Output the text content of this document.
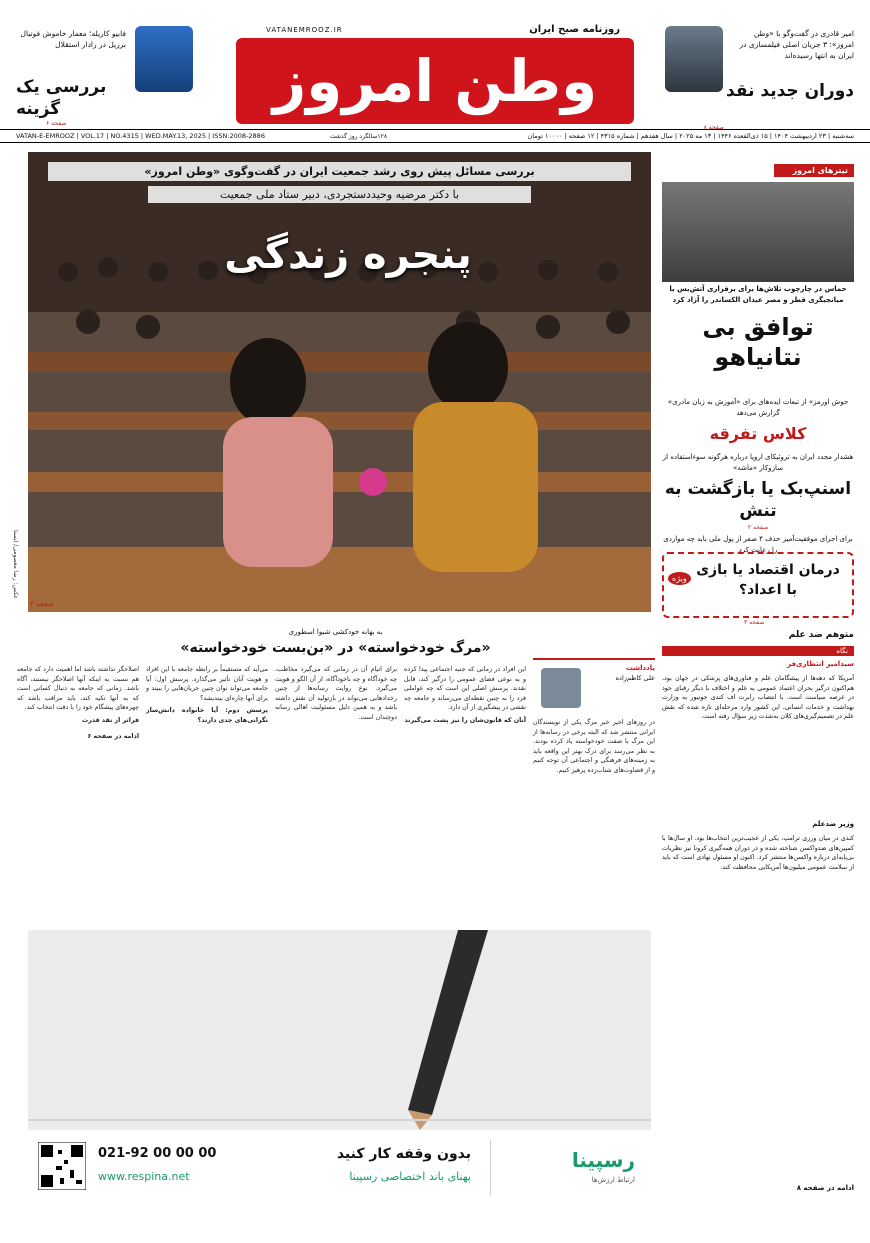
امیر قادری در گفت‌وگو با «وطن امروز»: ۳ جریان اصلی فیلمسازی در ایران به انتها رسیده‌اند
دوران جدید نقد
صفحه ۸
VATANEMROOZ.IR	روزنامه صبح ایران
وطن امروز
فابیو کاریله؛ معمار خاموش فوتبال برزیل در رادار استقلال
بررسی یک گزینه
صفحه ۶
سه‌شنبه | ۲۳ اردیبهشت ۱۴۰۴ | ۱۵ ذی‌القعده ۱۴۴۶ | ۱۳ مه ۲۰۲۵ | سال هفدهم | شماره ۴۳۱۵ | ۱۲ صفحه | ۱۰۰۰۰ تومان
۱۲۸سالگرد روز گذشت
VATAN-E-EMROOZ | VOL.17 | NO.4315 | WED.MAY.13, 2025 | ISSN:2008-2886
بررسی مسائل پیش روی رشد جمعیت ایران در گفت‌وگوی «وطن امروز»
با دکتر مرضیه وحیددستجردی، دبیر ستاد ملی جمعیت
پنجره زندگی
عکس: رضا معصومی/ ایسنا
صفحه ۴
تیترهای امروز
حماس در چارچوب تلاش‌ها برای برقراری آتش‌بس با میانجیگری قطر و مصر عیدان الکساندر را آزاد کرد
توافق بی نتانیاهو
جوش اورمز» از تبعات ایده‌های برای «آموزش به زبان مادری» گزارش می‌دهد
کلاس تفرقه
هشدار مجدد ایران به تروئیکای اروپا درباره هرگونه سوءاستفاده از سازوکار «ماشه»
اسنپ‌بک یا بازگشت به تنش
صفحه ۲
برای اجرای موفقیت‌آمیز حذف ۴ صفر از پول ملی باید چه مواردی را رعایت کرد
ویژه
درمان اقتصاد یا بازی با اعداد؟
صفحه ۳
متوهم ضد علم
نگاه
سیدامیر انتظاری‌فر
آمریکا که دهه‌ها از پیشگامان علم و فناوری‌های پزشکی در جهان بود، هم‌اکنون درگیر بحران اعتماد عمومی به علم و اختلاف با دیگر رقبای خود در عرصه سیاست است. با انتصاب رابرت اف کندی جونیور به وزارت بهداشت و خدمات انسانی، این کشور وارد مرحله‌ای تازه شده که نقش علم در تصمیم‌گیری‌های کلان به‌شدت زیر سؤال رفته است.
وزیر ضدعلم
کندی در میان ورزی ترامپ، یکی از عجیب‌ترین انتخاب‌ها بود. او سال‌ها با کمپین‌های ضدواکسن شناخته شده و در دوران همه‌گیری کرونا نیز نظریات بی‌پایه‌ای درباره واکسن‌ها منتشر کرد. اکنون او مسئول نهادی است که باید از سلامت عمومی میلیون‌ها آمریکایی محافظت کند.
ادامه در صفحه ۸
به بهانه خودکشی شیوا اسطوری
«مرگ خودخواسته» در «بن‌بست خودخواسته»
یادداشت
علی کاظم‌زاده

در روزهای اخیر خبر مرگ یکی از نویسندگان ایرانی منتشر شد که البته برخی در رسانه‌ها از این مرگ با صفت خودخواسته یاد کرده بودند. به نظر می‌رسد برای درک بهتر این واقعه باید به زمینه‌های فرهنگی و اجتماعی آن توجه کنیم و از قضاوت‌های شتاب‌زده پرهیز کنیم.

این افراد در زمانی که جنبه اجتماعی پیدا کرده و به نوعی فضای عمومی را درگیر کند، قابل نقدند. پرسش اصلی این است که چه عواملی فرد را به چنین نقطه‌ای می‌رساند و جامعه چه نقشی در پیشگیری از آن دارد.

آنان که قانون‌شان را نیز پشت می‌گیرند

برای اتیام آن در زمانی که می‌گیرد مخاطب، چه خودآگاه و چه ناخودآگاه، از آن الگو و هویت می‌گیرد. نوع روایت رسانه‌ها از چنین رخدادهایی می‌تواند در بازتولید آن نقش داشته باشد و به همین دلیل مسئولیت اهالی رسانه دوچندان است.

می‌آید که مستقیماً بر رابطه جامعه با این افراد و هویت آنان تأثیر می‌گذارد. پرسش اول: آیا جامعه می‌تواند نوان چنین جریان‌هایی را ببیند و برای آنها چاره‌ای بیندیشد؟

پرسش دوم: آیا خانواده دانش‌ساز نگرانی‌های جدی دارند؟

اصلاحگر نداشته باشد اما اهمیت دارد که جامعه هم نسبت به اینکه آنها اصلاحگر نیستند، آگاه باشد. زمانی که جامعه به دنبال کسانی است که به آنها تکیه کند، باید مراقب باشد که چهره‌های پیشگام خود را با دقت انتخاب کند.

فراتر از نقد قدرت

ادامه در صفحه ۶

رسپینا
ارتباط ارزش‌ها
بدون وقفه کار کنید
پهنای باند اختصاصی رسپینا
021-92 00 00 00
www.respina.net
